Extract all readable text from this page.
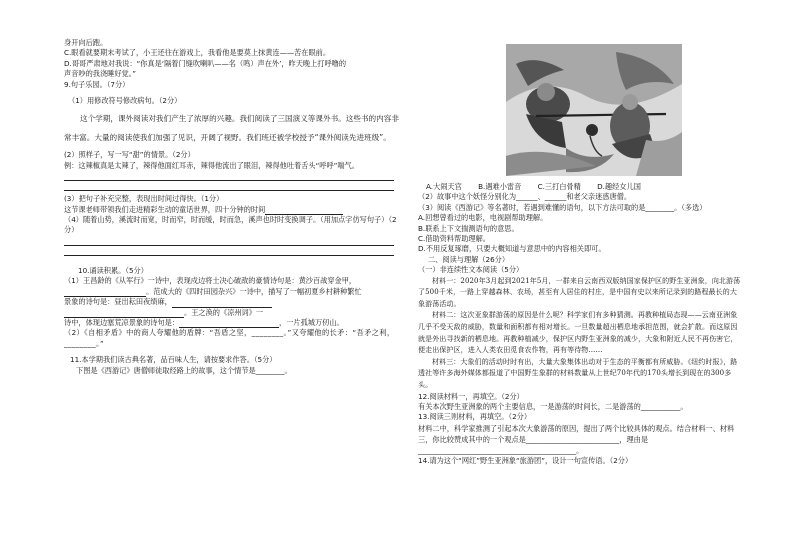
身开向后跑。
C.眼看就要期末考试了，小王还往在游戏上，我看他是要莫上抹黄连——苦在眼前。
D.哥哥严肃地对我说：“你真是‘隔着门缝吹喇叭——名（鸣）声在外’，昨天晚上打呼噜的
声音吵的我浇睡好觉。”
9.句子乐园。（7分）
（1）用修改符号修改病句。（2分）
这个学期，课外阅读对我们产生了浓厚的兴趣。我们阅读了三国演义等课外书。这些书的内容非常丰富。大量的阅读使我们加强了见识，开阔了视野。我们班还被学校授予“课外阅读先进班级”。
(2）照样子，写一写“甜”的情景。（2分）
例：这辣椒真是太辣了，辣得他面红耳赤，辣得他流出了眼泪，辣得他吐着舌头“呼呼”喘气。
(3）把句子补充完整，表现出时间过得快。（1分）
这节课老师带领我们走进精彩生动的童话世界，四十分钟的时间
（4）随着山势，溪流时而宽，时而窄，时而缓，时而急，溪声也时时变换调子。（用加点字仿写句子）（2分）
10.诵读积累。（5分）
（1）王昌龄的《从军行》一诗中，表现戍边将士决心破敌的豪情诗句是：黄沙百战穿金甲，
。范成大的《四时田园杂兴》一诗中，描写了一幅初夏乡村耕种繁忙
景象的诗句是：昼出耘田夜绩麻，
。王之涣的《凉州词》一
诗中，体现边塞荒凉景象的诗句是：	，一片孤城万仞山。
（2）《自相矛盾》中的商人夸耀他的盾牌：“吾盾之坚，________。”又夸耀他的长矛：“吾矛之利，________。”
11.本学期我们读古典名著，品百味人生，请按要求作答。（5分）
下图是《西游记》唐僧师徒取经路上的故事，这个情节是________。
A.大闹天宫 B.遇难小雷音 C.三打白骨精 D.趣经女儿国
（2）故事中这个妖怪分别化为______、______和老父亲迷惑唐僧。
（3）阅读《西游记》等名著时，若遇到难懂的语句，以下方法可取的是________。（多选）
A.回想曾看过的电影，电视剧帮助理解。
B.联系上下文揣测语句的意思。
C.借助资料帮助理解。
D.不用反复琢磨，只要大概知道与意思中的内容相关即可。
二、阅读与理解（26分）
（一）非连续性文本阅读（5分）
材料一：2020年3月起到2021年5月，一群来自云南西双版纳国家保护区的野生亚洲象，向北游荡了500千米，一路上穿越森林、农场，甚至有人居住的村庄，是中国有史以来所记录到的路程最长的大象游荡活动。
材料二：这次亚象群游荡的原因是什么呢？科学家们有多种猜测。再教种植局态现——云南亚洲象几乎不受天敌的威胁，数量和面积都有相对增长。一旦数量超出栖息地承担范围，就会扩散。而这原因就是外出寻找新的栖息地。再教种植减少，保护区内野生亚洲象的减少，大象和附近人民不再伤害它，便走出保护区，进入人类农田觅食农作物，再有等待物……
材料三：大象们的活动时时有出，大量大象集体出动对于生态的平衡都有所威胁。《纽约时报》，路透社等许多海外媒体都报道了中国野生象群的材料数量从上世纪70年代的170头增长到现在的300多头。
12.阅读材料一，再填空。（2分）
有关本次野生亚洲象的两个主要信息，一是游荡的时间长，二是游荡的___________。
13.阅读三则材料，再填空。（2分）
材料二中，科学家推测了引起本次大象游荡的原因，提出了两个比较具体的观点。结合材料一、材料三，你比较赞成其中的一个观点是__________________________，理由是____________________________________________。
14.请为这个“网红”野生亚洲象“旅游团”，设计一句宣传语。（2分）
